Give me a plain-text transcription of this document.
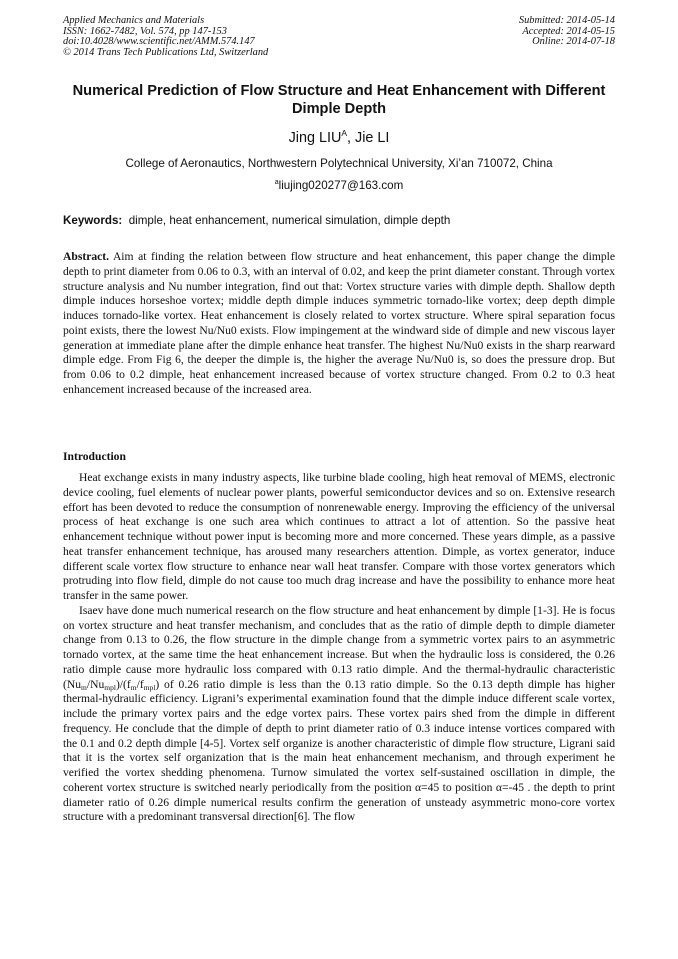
Applied Mechanics and Materials
ISSN: 1662-7482, Vol. 574, pp 147-153
doi:10.4028/www.scientific.net/AMM.574.147
© 2014 Trans Tech Publications Ltd, Switzerland
Submitted: 2014-05-14
Accepted: 2014-05-15
Online: 2014-07-18
Numerical Prediction of Flow Structure and Heat Enhancement with Different Dimple Depth
Jing $LIU^A$, Jie LI
College of Aeronautics, Northwestern Polytechnical University, Xi’an 710072, China
$^a$liujing020277@163.com
Keywords: dimple, heat enhancement, numerical simulation, dimple depth
Abstract. Aim at finding the relation between flow structure and heat enhancement, this paper change the dimple depth to print diameter from 0.06 to 0.3, with an interval of 0.02, and keep the print diameter constant. Through vortex structure analysis and Nu number integration, find out that: Vortex structure varies with dimple depth. Shallow depth dimple induces horseshoe vortex; middle depth dimple induces symmetric tornado-like vortex; deep depth dimple induces tornado-like vortex. Heat enhancement is closely related to vortex structure. Where spiral separation focus point exists, there the lowest Nu/Nu0 exists. Flow impingement at the windward side of dimple and new viscous layer generation at immediate plane after the dimple enhance heat transfer. The highest Nu/Nu0 exists in the sharp rearward dimple edge. From Fig 6, the deeper the dimple is, the higher the average Nu/Nu0 is, so does the pressure drop. But from 0.06 to 0.2 dimple, heat enhancement increased because of vortex structure changed. From 0.2 to 0.3 heat enhancement increased because of the increased area.
Introduction

Heat exchange exists in many industry aspects, like turbine blade cooling, high heat removal of MEMS, electronic device cooling, fuel elements of nuclear power plants, powerful semiconductor devices and so on. Extensive research effort has been devoted to reduce the consumption of nonrenewable energy. Improving the efficiency of the universal process of heat exchange is one such area which continues to attract a lot of attention. So the passive heat enhancement technique without power input is becoming more and more concerned. These years dimple, as a passive heat transfer enhancement technique, has aroused many researchers attention. Dimple, as vortex generator, induce different scale vortex flow structure to enhance near wall heat transfer. Compare with those vortex generators which protruding into flow field, dimple do not cause too much drag increase and have the possibility to enhance more heat transfer in the same power.

Isaev have done much numerical research on the flow structure and heat enhancement by dimple [1-3]. He is focus on vortex structure and heat transfer mechanism, and concludes that as the ratio of dimple depth to dimple diameter change from 0.13 to 0.26, the flow structure in the dimple change from a symmetric vortex pairs to an asymmetric tornado vortex, at the same time the heat enhancement increase. But when the hydraulic loss is considered, the 0.26 ratio dimple cause more hydraulic loss compared with 0.13 ratio dimple. And the thermal-hydraulic characteristic $(Nu_m/Nu_{mpl})/(f_m/f_{mpl})$ of 0.26 ratio dimple is less than the 0.13 ratio dimple. So the 0.13 depth dimple has higher thermal-hydraulic efficiency. Ligrani’s experimental examination found that the dimple induce different scale vortex, include the primary vortex pairs and the edge vortex pairs. These vortex pairs shed from the dimple in different frequency. He conclude that the dimple of depth to print diameter ratio of 0.3 induce intense vortices compared with the 0.1 and 0.2 depth dimple [4-5]. Vortex self organize is another characteristic of dimple flow structure, Ligrani said that it is the vortex self organization that is the main heat enhancement mechanism, and through experiment he verified the vortex shedding phenomena. Turnow simulated the vortex self-sustained oscillation in dimple, the coherent vortex structure is switched nearly periodically from the position α=45 to position α=-45 . the depth to print diameter ratio of 0.26 dimple numerical results confirm the generation of unsteady asymmetric mono-core vortex structure with a predominant transversal direction[6]. The flow
